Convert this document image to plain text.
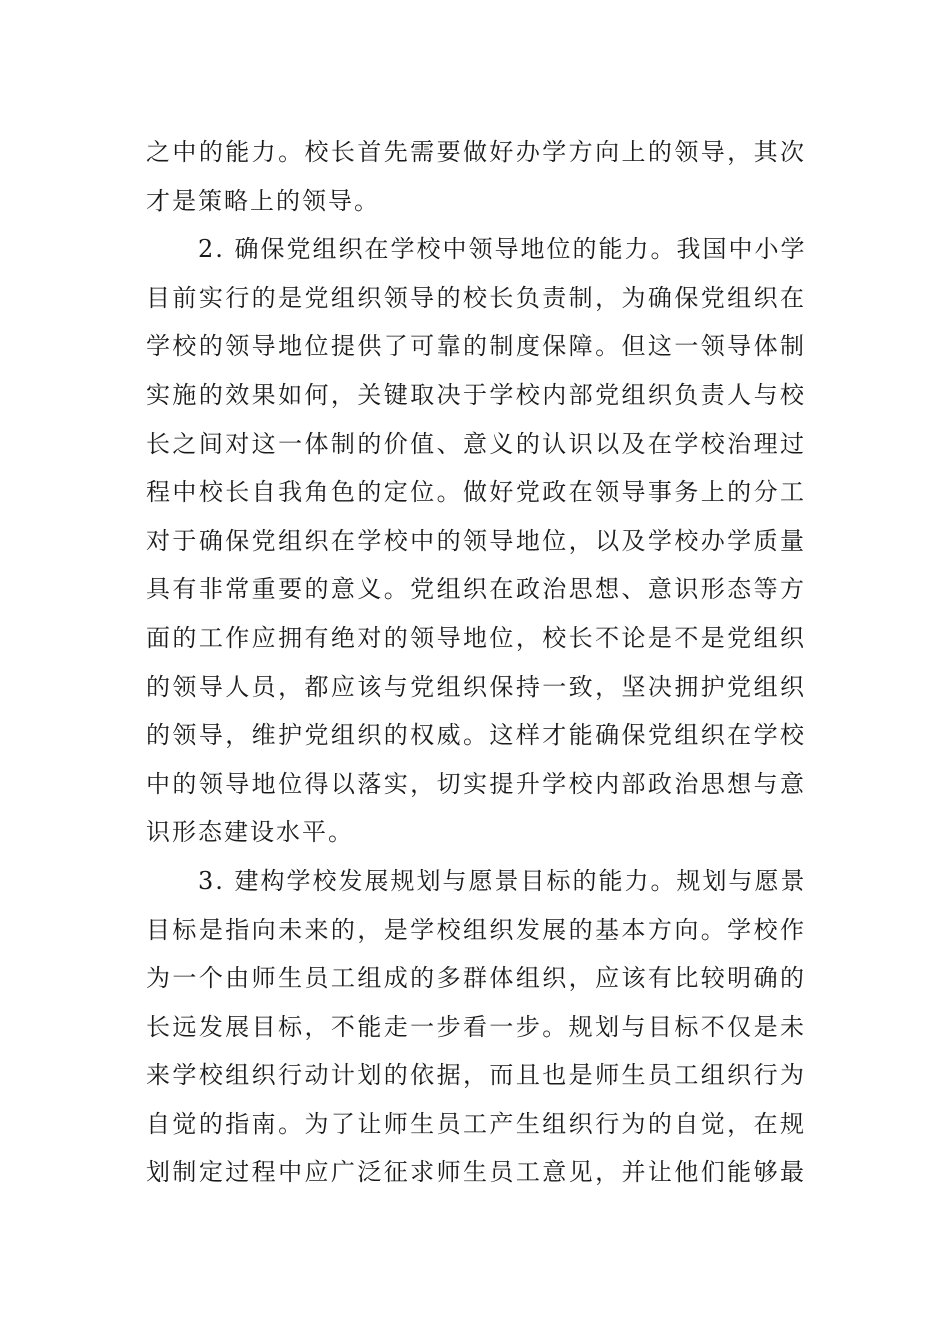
之中的能力。校长首先需要做好办学方向上的领导，其次
才是策略上的领导。
2. 确保党组织在学校中领导地位的能力。我国中小学
目前实行的是党组织领导的校长负责制，为确保党组织在
学校的领导地位提供了可靠的制度保障。但这一领导体制
实施的效果如何，关键取决于学校内部党组织负责人与校
长之间对这一体制的价值、意义的认识以及在学校治理过
程中校长自我角色的定位。做好党政在领导事务上的分工
对于确保党组织在学校中的领导地位，以及学校办学质量
具有非常重要的意义。党组织在政治思想、意识形态等方
面的工作应拥有绝对的领导地位，校长不论是不是党组织
的领导人员，都应该与党组织保持一致，坚决拥护党组织
的领导，维护党组织的权威。这样才能确保党组织在学校
中的领导地位得以落实，切实提升学校内部政治思想与意
识形态建设水平。
3. 建构学校发展规划与愿景目标的能力。规划与愿景
目标是指向未来的，是学校组织发展的基本方向。学校作
为一个由师生员工组成的多群体组织，应该有比较明确的
长远发展目标，不能走一步看一步。规划与目标不仅是未
来学校组织行动计划的依据，而且也是师生员工组织行为
自觉的指南。为了让师生员工产生组织行为的自觉，在规
划制定过程中应广泛征求师生员工意见，并让他们能够最
